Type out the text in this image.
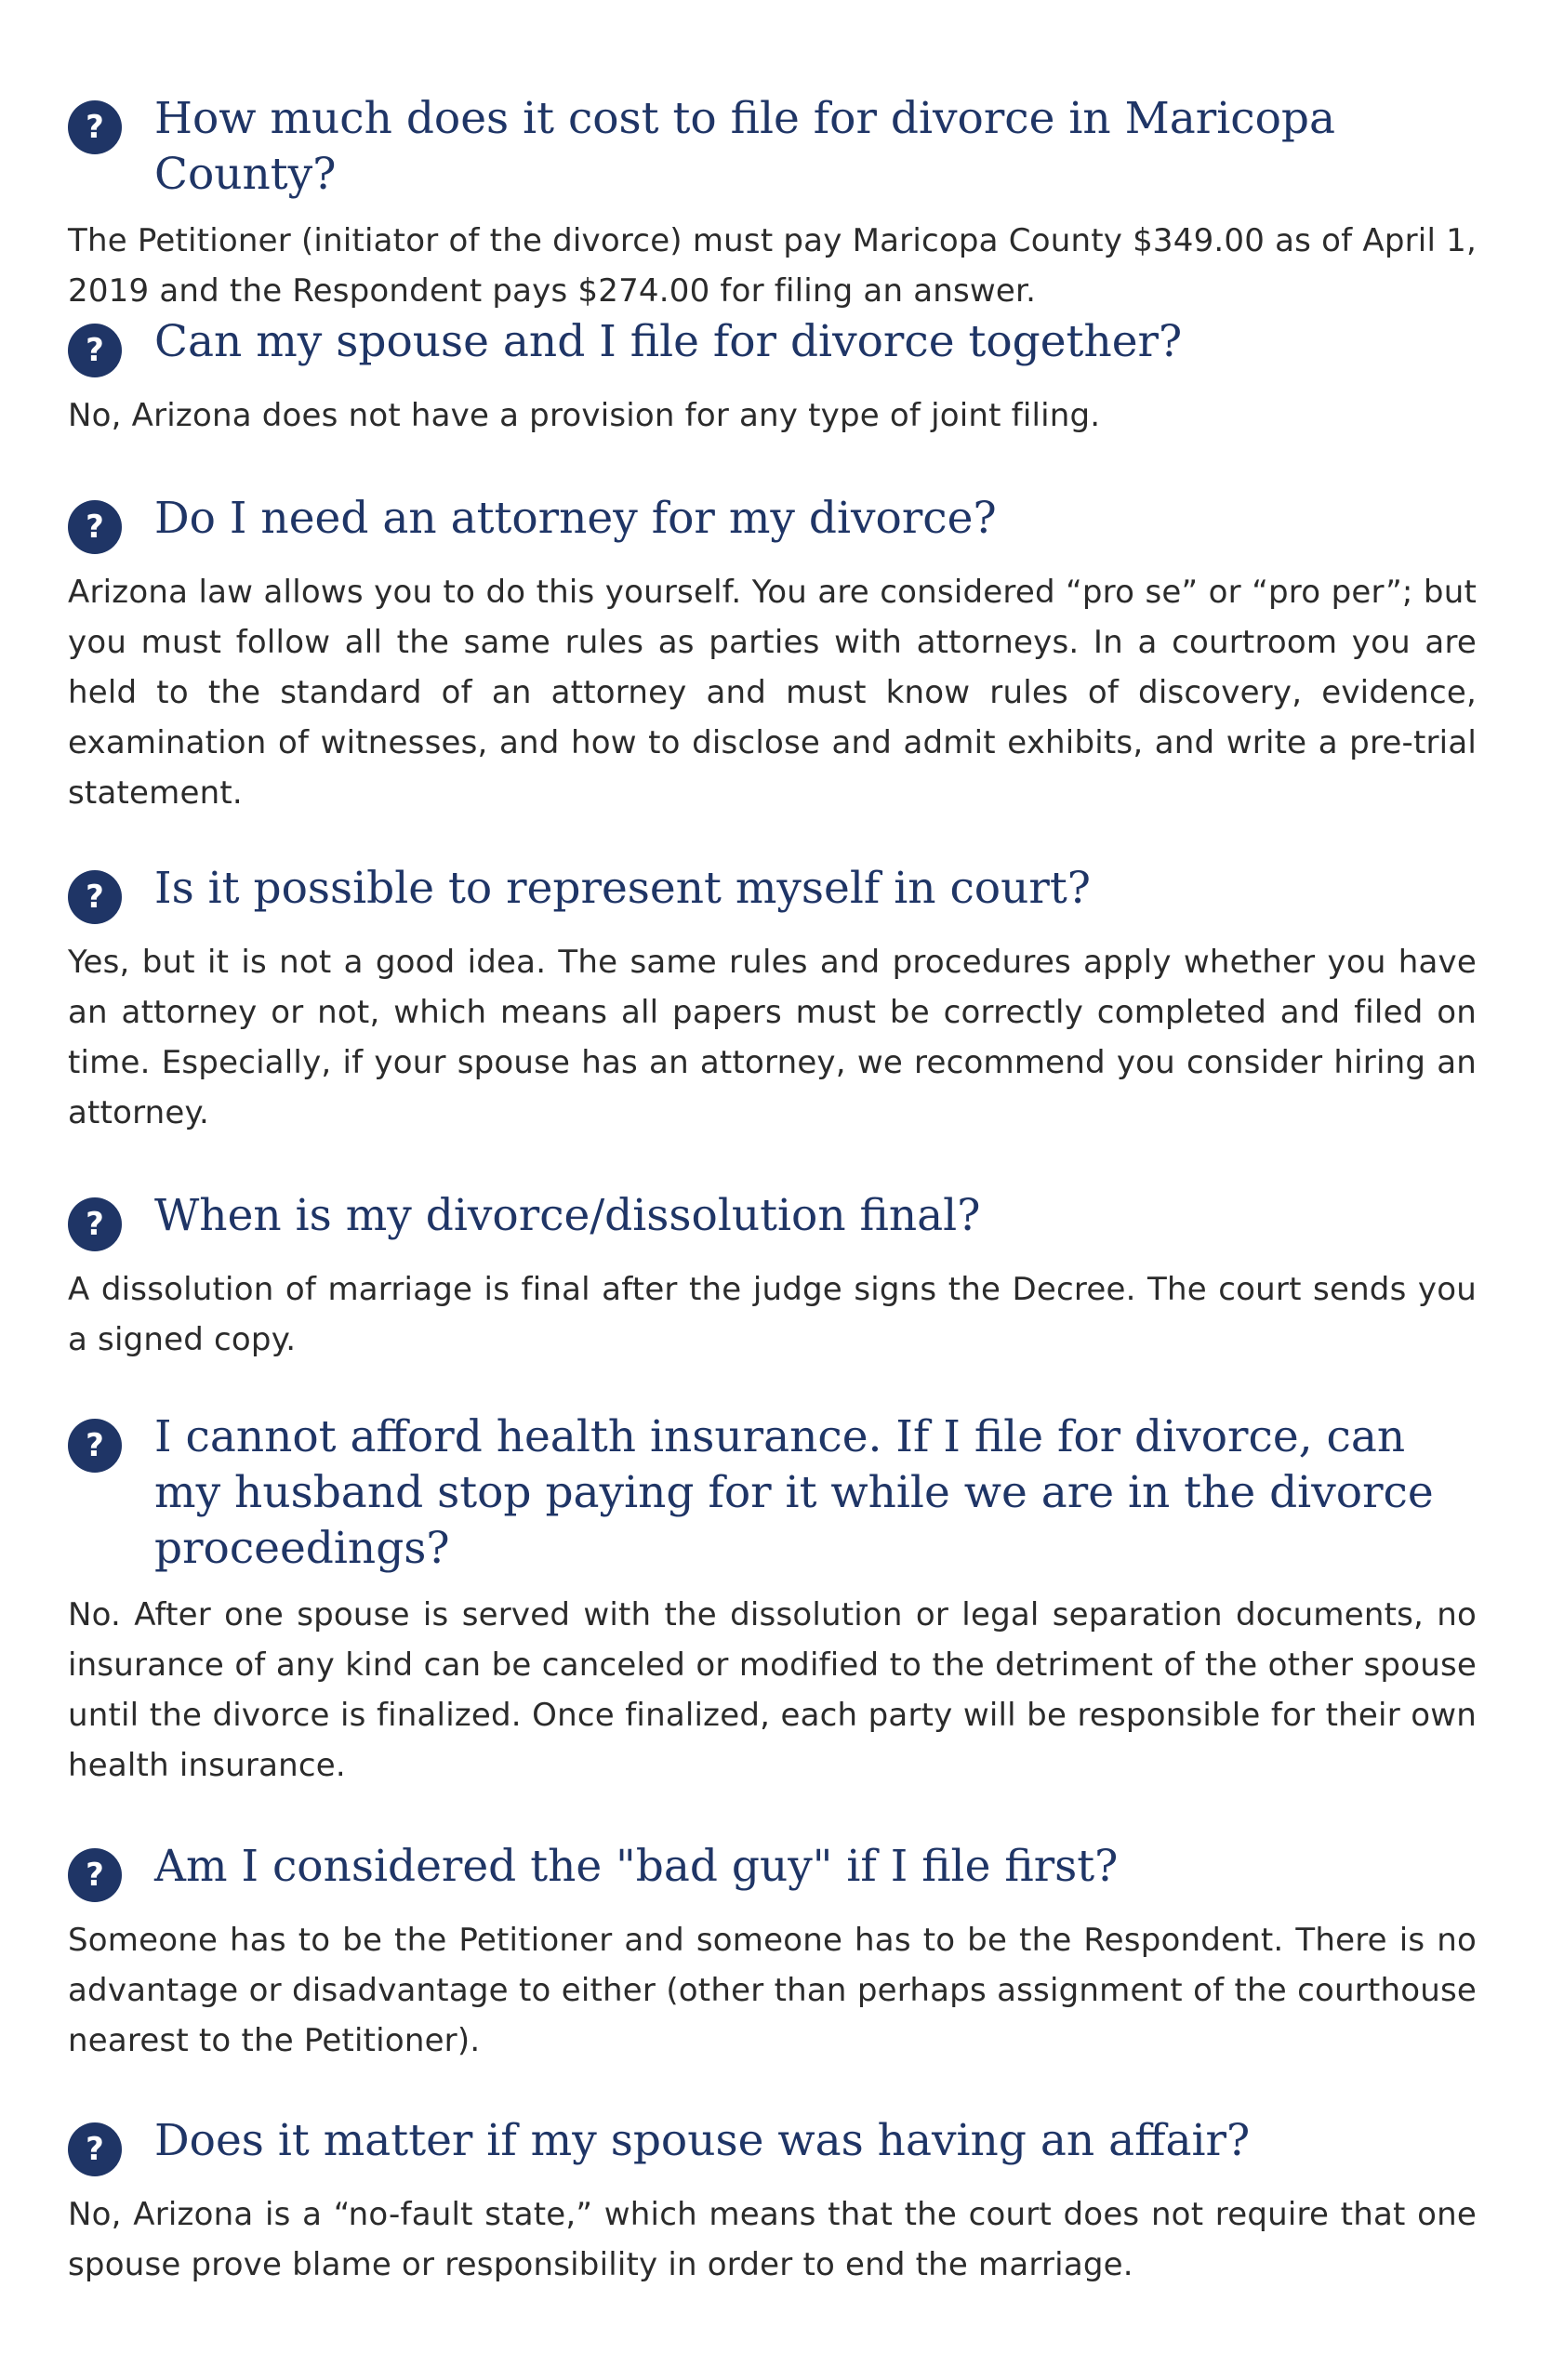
?	How much does it cost to file for divorce in Maricopa County?

The Petitioner (initiator of the divorce) must pay Maricopa County $349.00 as of April 1, 2019 and the Respondent pays $274.00 for filing an answer.

?	Can my spouse and I file for divorce together?

No, Arizona does not have a provision for any type of joint filing.

?	Do I need an attorney for my divorce?

Arizona law allows you to do this yourself. You are considered “pro se” or “pro per”; but you must follow all the same rules as parties with attorneys. In a courtroom you are held to the standard of an attorney and must know rules of discovery, evidence, examination of witnesses, and how to disclose and admit exhibits, and write a pre-trial statement.

?	Is it possible to represent myself in court?

Yes, but it is not a good idea. The same rules and procedures apply whether you have an attorney or not, which means all papers must be correctly completed and filed on time. Especially, if your spouse has an attorney, we recommend you consider hiring an attorney.

?	When is my divorce/dissolution final?

A dissolution of marriage is final after the judge signs the Decree. The court sends you a signed copy.

?	I cannot afford health insurance. If I file for divorce, can my husband stop paying for it while we are in the divorce proceedings?

No. After one spouse is served with the dissolution or legal separation documents, no insurance of any kind can be canceled or modified to the detriment of the other spouse until the divorce is finalized. Once finalized, each party will be responsible for their own health insurance.

?	Am I considered the "bad guy" if I file first?

Someone has to be the Petitioner and someone has to be the Respondent. There is no advantage or disadvantage to either (other than perhaps assignment of the courthouse nearest to the Petitioner).

?	Does it matter if my spouse was having an affair?

No, Arizona is a “no-fault state,” which means that the court does not require that one spouse prove blame or responsibility in order to end the marriage.
